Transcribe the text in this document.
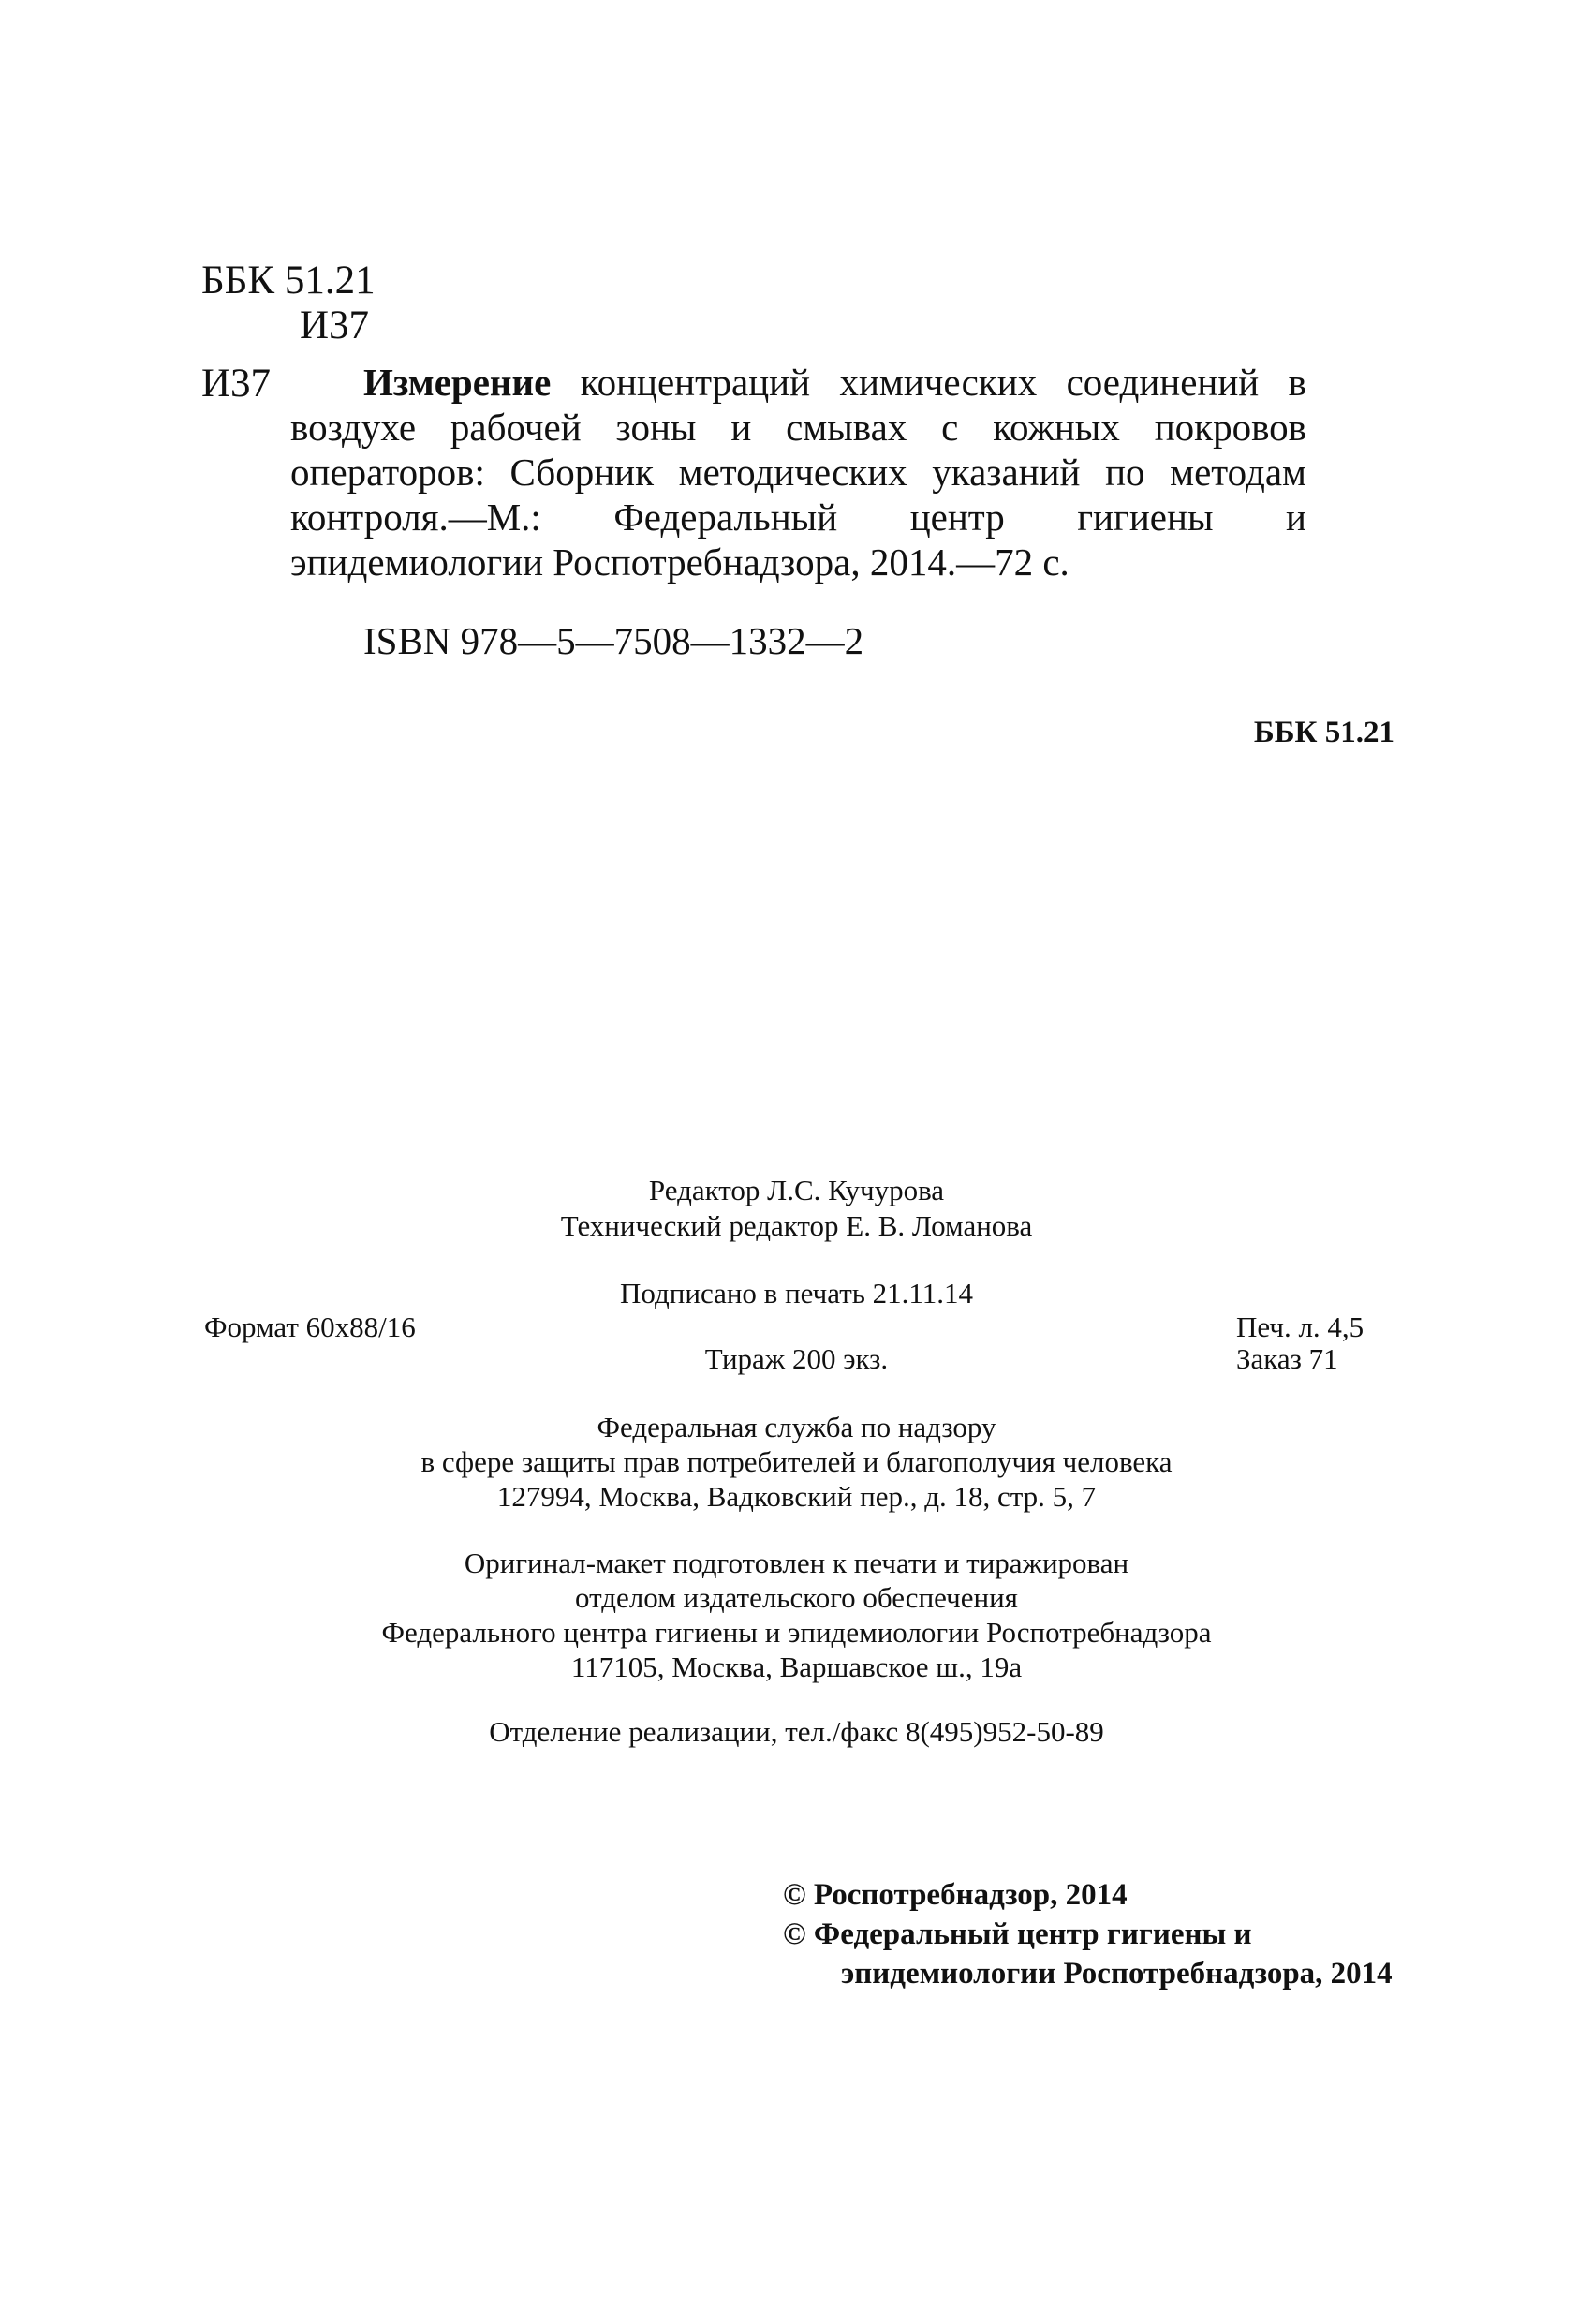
ББК 51.21
И37
И37	Измерение концентраций химических соединений в воздухе рабочей зоны и смывах с кожных покровов операторов: Сборник методических указаний по методам контроля.—М.: Федеральный центр гигиены и эпидемиологии Роспотребнадзора, 2014.—72 с.
ISBN 978—5—7508—1332—2
ББК 51.21
Редактор Л.С. Кучурова
Технический редактор Е. В. Ломанова
Подписано в печать 21.11.14
Формат 60х88/16	Печ. л. 4,5
Тираж 200 экз.	Заказ 71
Федеральная служба по надзору
в сфере защиты прав потребителей и благополучия человека
127994, Москва, Вадковский пер., д. 18, стр. 5, 7
Оригинал-макет подготовлен к печати и тиражирован
отделом издательского обеспечения
Федерального центра гигиены и эпидемиологии Роспотребнадзора
117105, Москва, Варшавское ш., 19а
Отделение реализации, тел./факс 8(495)952-50-89
© Роспотребнадзор, 2014
© Федеральный центр гигиены и
эпидемиологии Роспотребнадзора, 2014
